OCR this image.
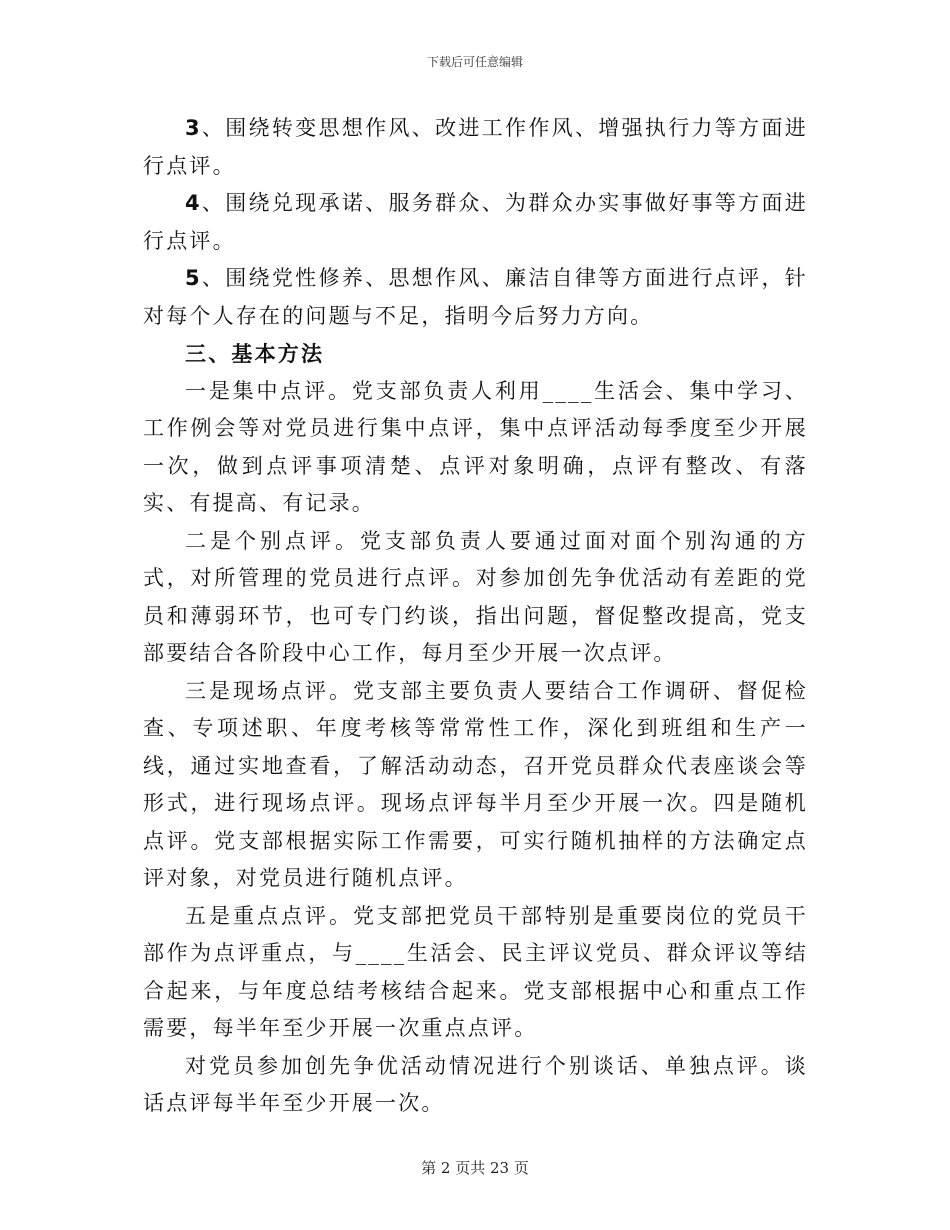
下载后可任意编辑

3、围绕转变思想作风、改进工作作风、增强执行力等方面进行点评。

4、围绕兑现承诺、服务群众、为群众办实事做好事等方面进行点评。

5、围绕党性修养、思想作风、廉洁自律等方面进行点评，针对每个人存在的问题与不足，指明今后努力方向。

三、基本方法

一是集中点评。党支部负责人利用____生活会、集中学习、工作例会等对党员进行集中点评，集中点评活动每季度至少开展一次，做到点评事项清楚、点评对象明确，点评有整改、有落实、有提高、有记录。

二是个别点评。党支部负责人要通过面对面个别沟通的方式，对所管理的党员进行点评。对参加创先争优活动有差距的党员和薄弱环节，也可专门约谈，指出问题，督促整改提高，党支部要结合各阶段中心工作，每月至少开展一次点评。

三是现场点评。党支部主要负责人要结合工作调研、督促检查、专项述职、年度考核等常常性工作，深化到班组和生产一线，通过实地查看，了解活动动态，召开党员群众代表座谈会等形式，进行现场点评。现场点评每半月至少开展一次。四是随机点评。党支部根据实际工作需要，可实行随机抽样的方法确定点评对象，对党员进行随机点评。

五是重点点评。党支部把党员干部特别是重要岗位的党员干部作为点评重点，与____生活会、民主评议党员、群众评议等结合起来，与年度总结考核结合起来。党支部根据中心和重点工作需要，每半年至少开展一次重点点评。

对党员参加创先争优活动情况进行个别谈话、单独点评。谈话点评每半年至少开展一次。

第 2 页共 23 页
